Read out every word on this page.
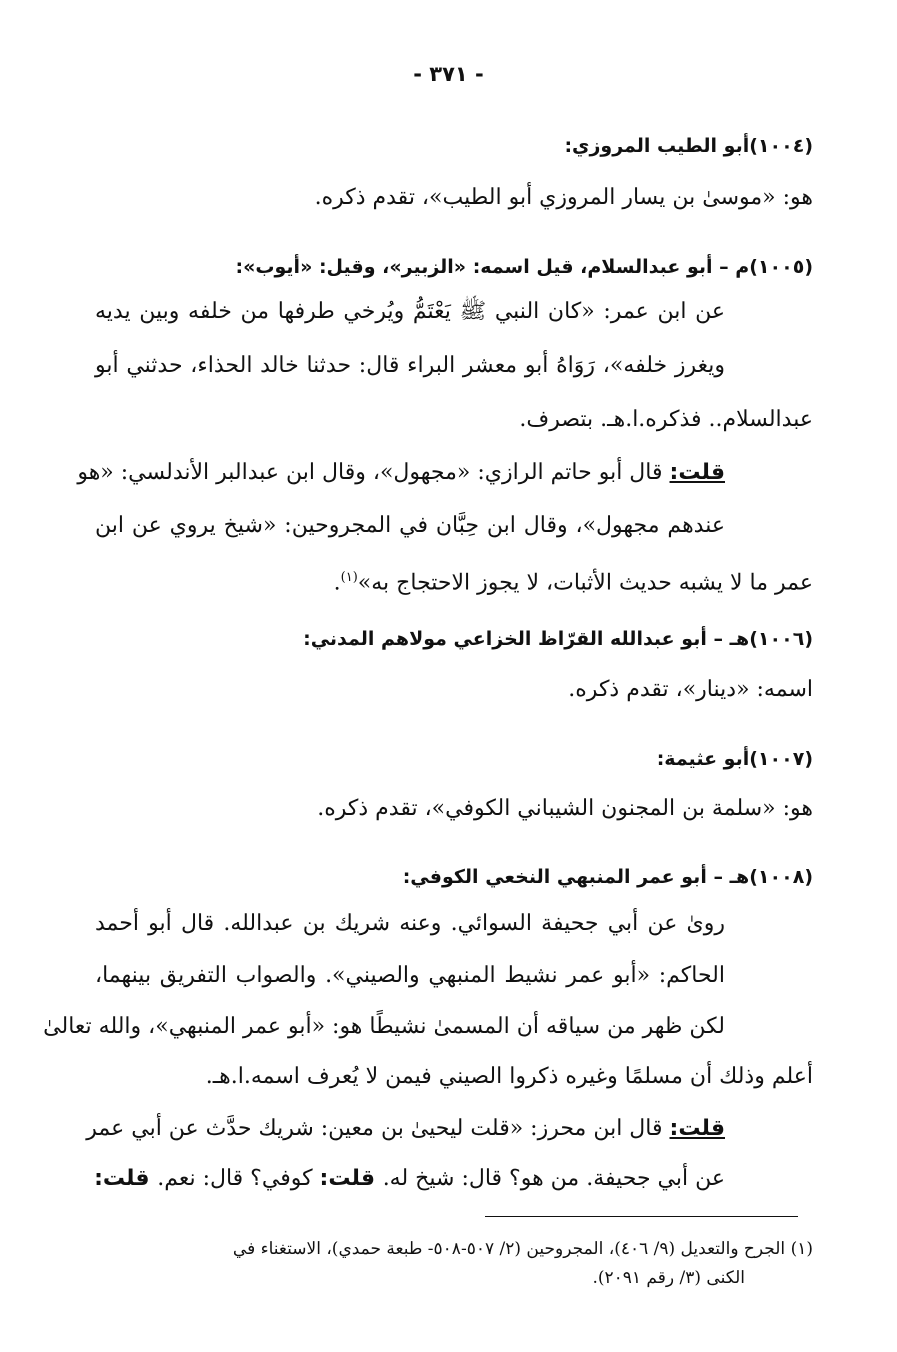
- ٣٧١ -
(١٠٠٤)أبو الطيب المروزي:
هو: «موسىٰ بن يسار المروزي أبو الطيب»، تقدم ذكره.
(١٠٠٥)م – أبو عبدالسلام، قيل اسمه: «الزبير»، وقيل: «أيوب»:
عن ابن عمر: «كان النبي ﷺ يَعْتَمُّ ويُرخي طرفها من خلفه وبين يديه
ويغرز خلفه»، رَوَاهُ أبو معشر البراء قال: حدثنا خالد الحذاء، حدثني أبو
عبدالسلام.. فذكره.ا.هـ. بتصرف.
قلت: قال أبو حاتم الرازي: «مجهول»، وقال ابن عبدالبر الأندلسي: «هو
عندهم مجهول»، وقال ابن حِبَّان في المجروحين: «شيخ يروي عن ابن
عمر ما لا يشبه حديث الأثبات، لا يجوز الاحتجاج به»$^{(١)}$.
(١٠٠٦)هـ – أبو عبدالله القرّاظ الخزاعي مولاهم المدني:
اسمه: «دينار»، تقدم ذكره.
(١٠٠٧)أبو عثيمة:
هو: «سلمة بن المجنون الشيباني الكوفي»، تقدم ذكره.
(١٠٠٨)هـ – أبو عمر المنبهي النخعي الكوفي:
رویٰ عن أبي جحيفة السوائي. وعنه شريك بن عبدالله. قال أبو أحمد
الحاكم: «أبو عمر نشيط المنبهي والصيني». والصواب التفريق بينهما،
لكن ظهر من سياقه أن المسمىٰ نشيطًا هو: «أبو عمر المنبهي»، والله تعالىٰ
أعلم وذلك أن مسلمًا وغيره ذكروا الصيني فيمن لا يُعرف اسمه.ا.هـ.
قلت: قال ابن محرز: «قلت ليحيىٰ بن معين: شريك حدَّث عن أبي عمر
عن أبي جحيفة. من هو؟ قال: شيخ له. قلت: كوفي؟ قال: نعم. قلت:
(١) الجرح والتعديل (٩/ ٤٠٦)، المجروحين (٢/ ٥٠٧-٥٠٨- طبعة حمدي)، الاستغناء في
الكنى (٣/ رقم ٢٠٩١).
